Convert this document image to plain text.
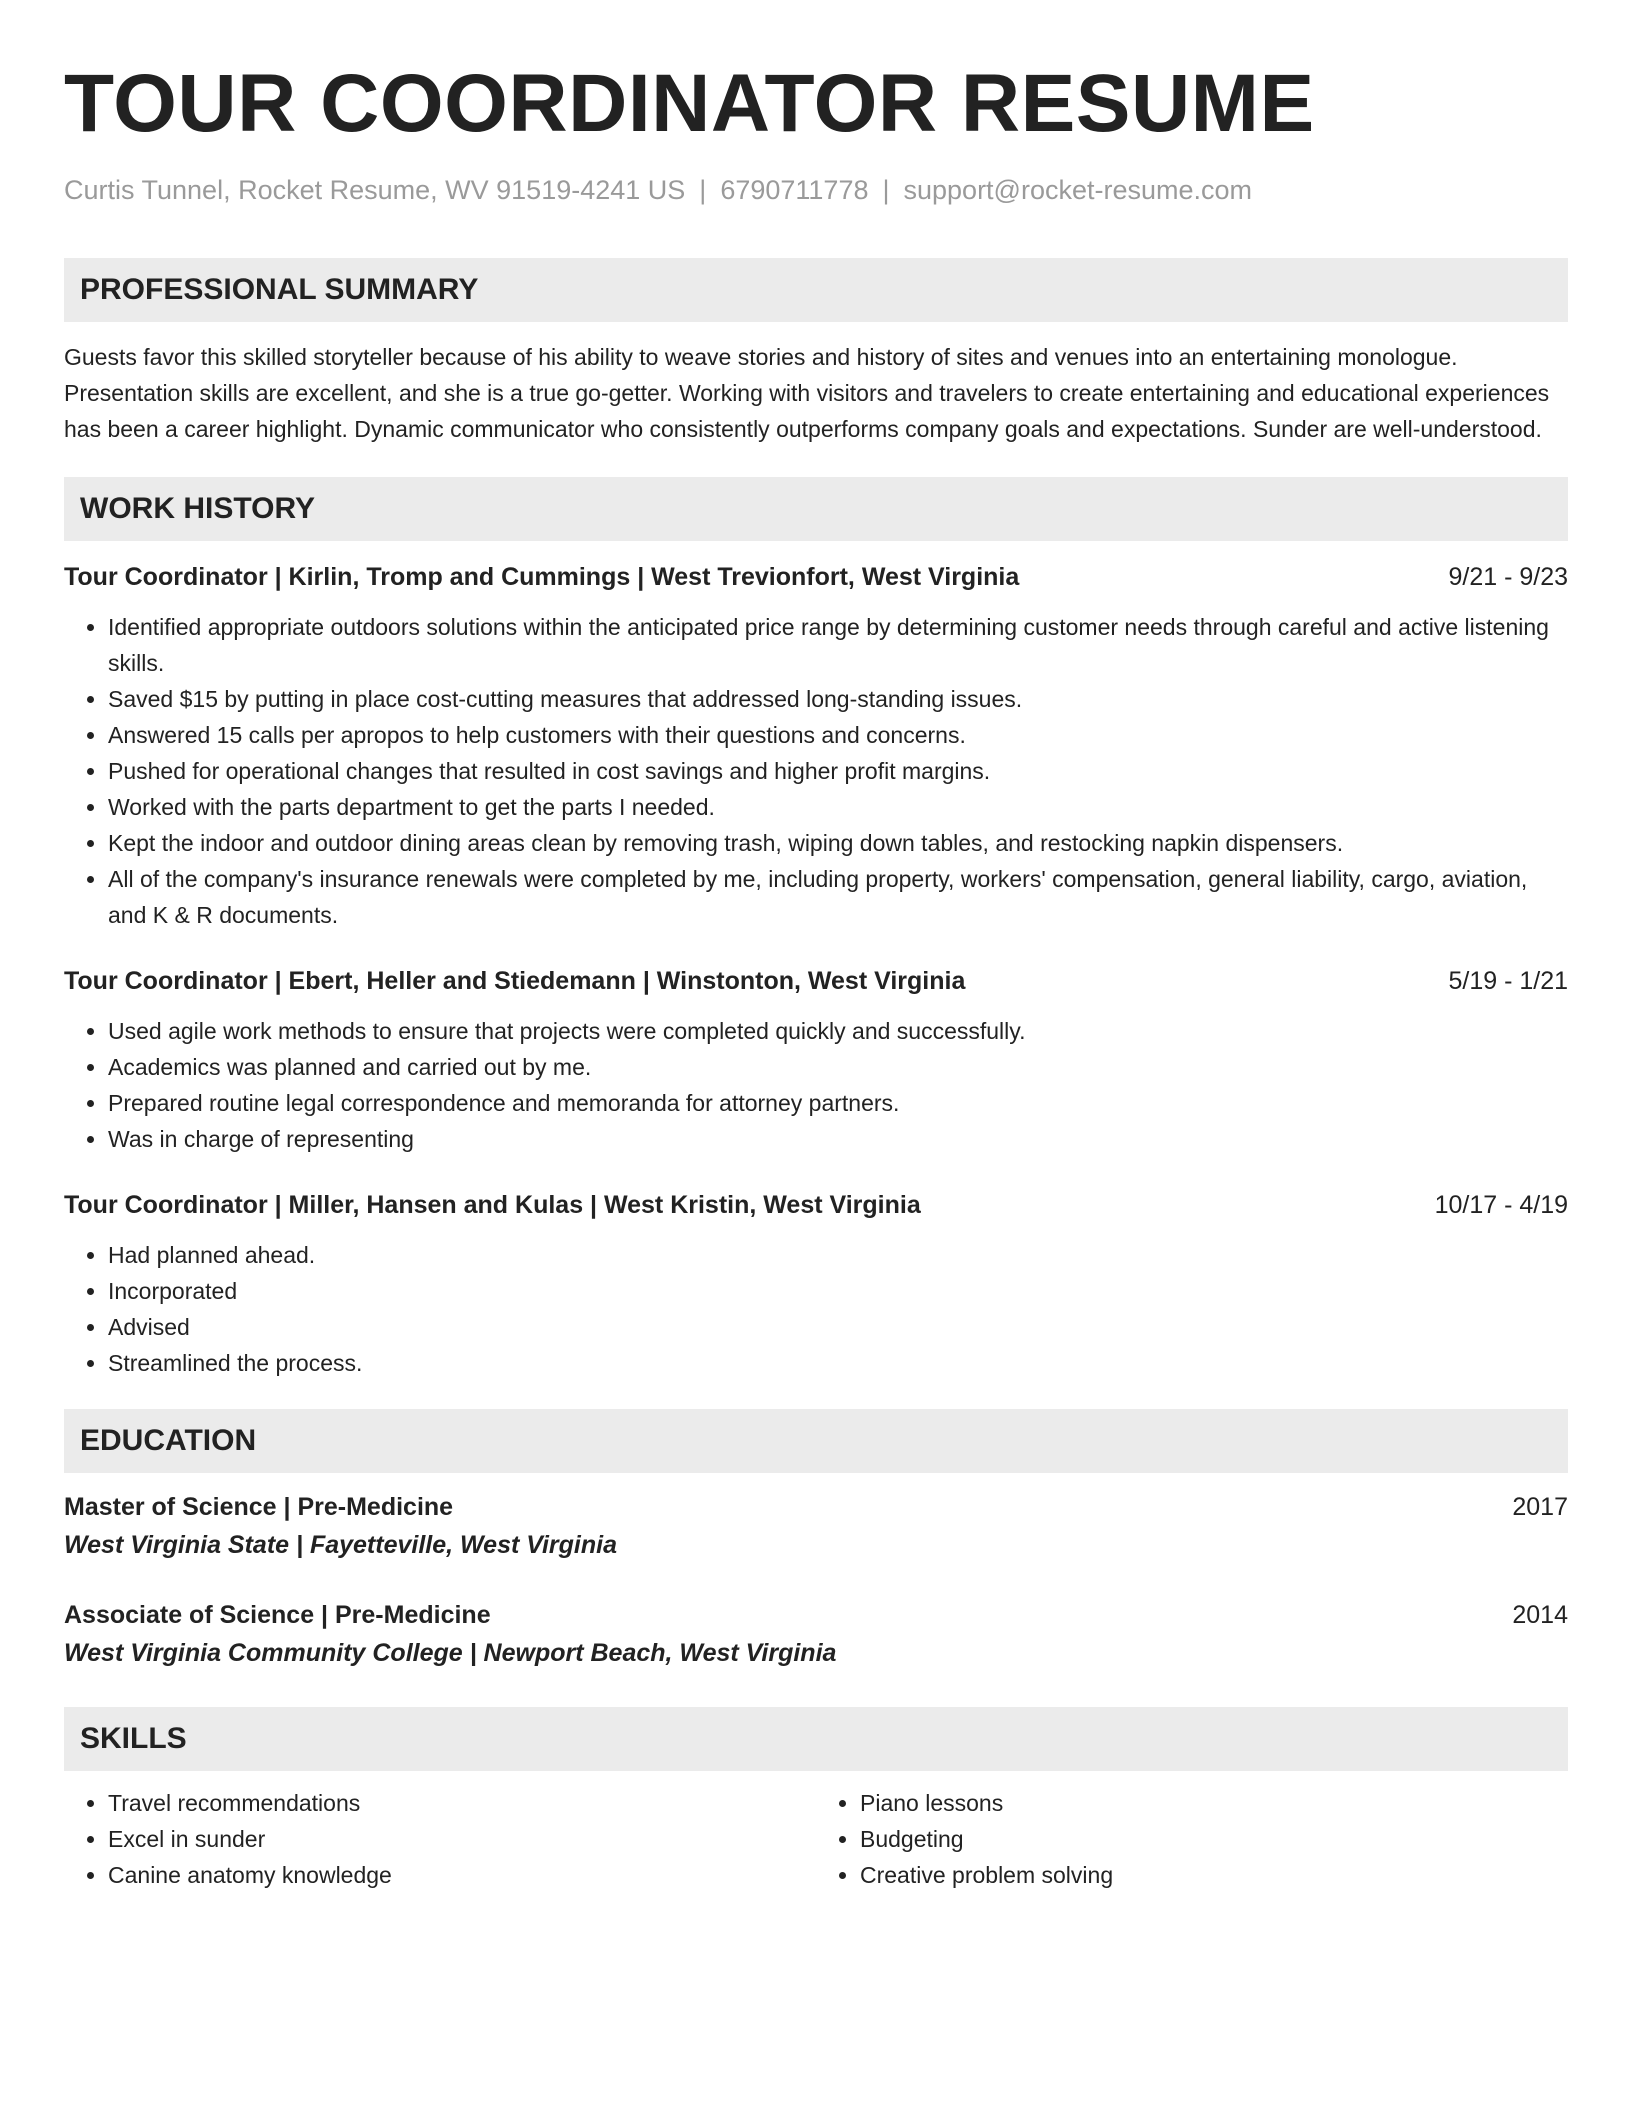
TOUR COORDINATOR RESUME
Curtis Tunnel, Rocket Resume, WV 91519-4241 US | 6790711778 | support@rocket-resume.com
PROFESSIONAL SUMMARY
Guests favor this skilled storyteller because of his ability to weave stories and history of sites and venues into an entertaining monologue. Presentation skills are excellent, and she is a true go-getter. Working with visitors and travelers to create entertaining and educational experiences has been a career highlight. Dynamic communicator who consistently outperforms company goals and expectations. Sunder are well-understood.
WORK HISTORY
Tour Coordinator | Kirlin, Tromp and Cummings | West Trevionfort, West Virginia	9/21 - 9/23
• Identified appropriate outdoors solutions within the anticipated price range by determining customer needs through careful and active listening skills.
• Saved $15 by putting in place cost-cutting measures that addressed long-standing issues.
• Answered 15 calls per apropos to help customers with their questions and concerns.
• Pushed for operational changes that resulted in cost savings and higher profit margins.
• Worked with the parts department to get the parts I needed.
• Kept the indoor and outdoor dining areas clean by removing trash, wiping down tables, and restocking napkin dispensers.
• All of the company's insurance renewals were completed by me, including property, workers' compensation, general liability, cargo, aviation, and K & R documents.
Tour Coordinator | Ebert, Heller and Stiedemann | Winstonton, West Virginia	5/19 - 1/21
• Used agile work methods to ensure that projects were completed quickly and successfully.
• Academics was planned and carried out by me.
• Prepared routine legal correspondence and memoranda for attorney partners.
• Was in charge of representing
Tour Coordinator | Miller, Hansen and Kulas | West Kristin, West Virginia	10/17 - 4/19
• Had planned ahead.
• Incorporated
• Advised
• Streamlined the process.
EDUCATION
Master of Science | Pre-Medicine	2017
West Virginia State | Fayetteville, West Virginia
Associate of Science | Pre-Medicine	2014
West Virginia Community College | Newport Beach, West Virginia
SKILLS
• Travel recommendations
• Excel in sunder
• Canine anatomy knowledge
• Piano lessons
• Budgeting
• Creative problem solving
